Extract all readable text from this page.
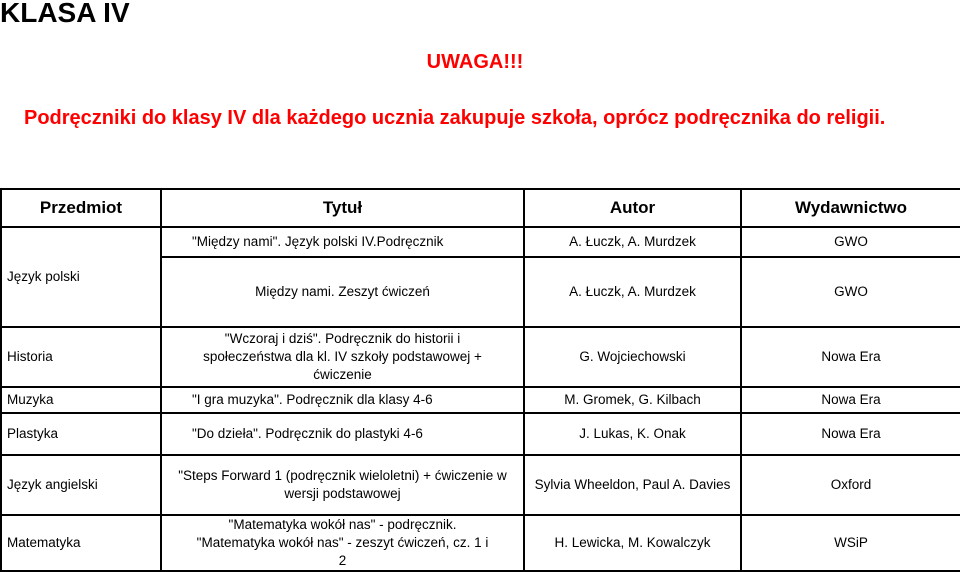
KLASA IV
UWAGA!!!
Podręczniki do klasy IV dla każdego ucznia zakupuje szkoła, oprócz podręcznika do religii.
Przedmiot	Tytuł	Autor	Wydawnictwo
Język polski	"Między nami". Język polski IV.Podręcznik	A. Łuczk, A. Murdzek	GWO
	Między nami. Zeszyt ćwiczeń	A. Łuczk, A. Murdzek	GWO
Historia	"Wczoraj i dziś". Podręcznik do historii i społeczeństwa dla kl. IV szkoły podstawowej + ćwiczenie	G. Wojciechowski	Nowa Era
Muzyka	"I gra muzyka". Podręcznik dla klasy 4-6	M. Gromek, G. Kilbach	Nowa Era
Plastyka	"Do dzieła". Podręcznik do plastyki 4-6	J. Lukas, K. Onak	Nowa Era
Język angielski	"Steps Forward 1 (podręcznik wieloletni) + ćwiczenie w wersji podstawowej	Sylvia Wheeldon, Paul A. Davies	Oxford
Matematyka	"Matematyka wokół nas" - podręcznik. "Matematyka wokół nas" - zeszyt ćwiczeń, cz. 1 i 2	H. Lewicka, M. Kowalczyk	WSiP
